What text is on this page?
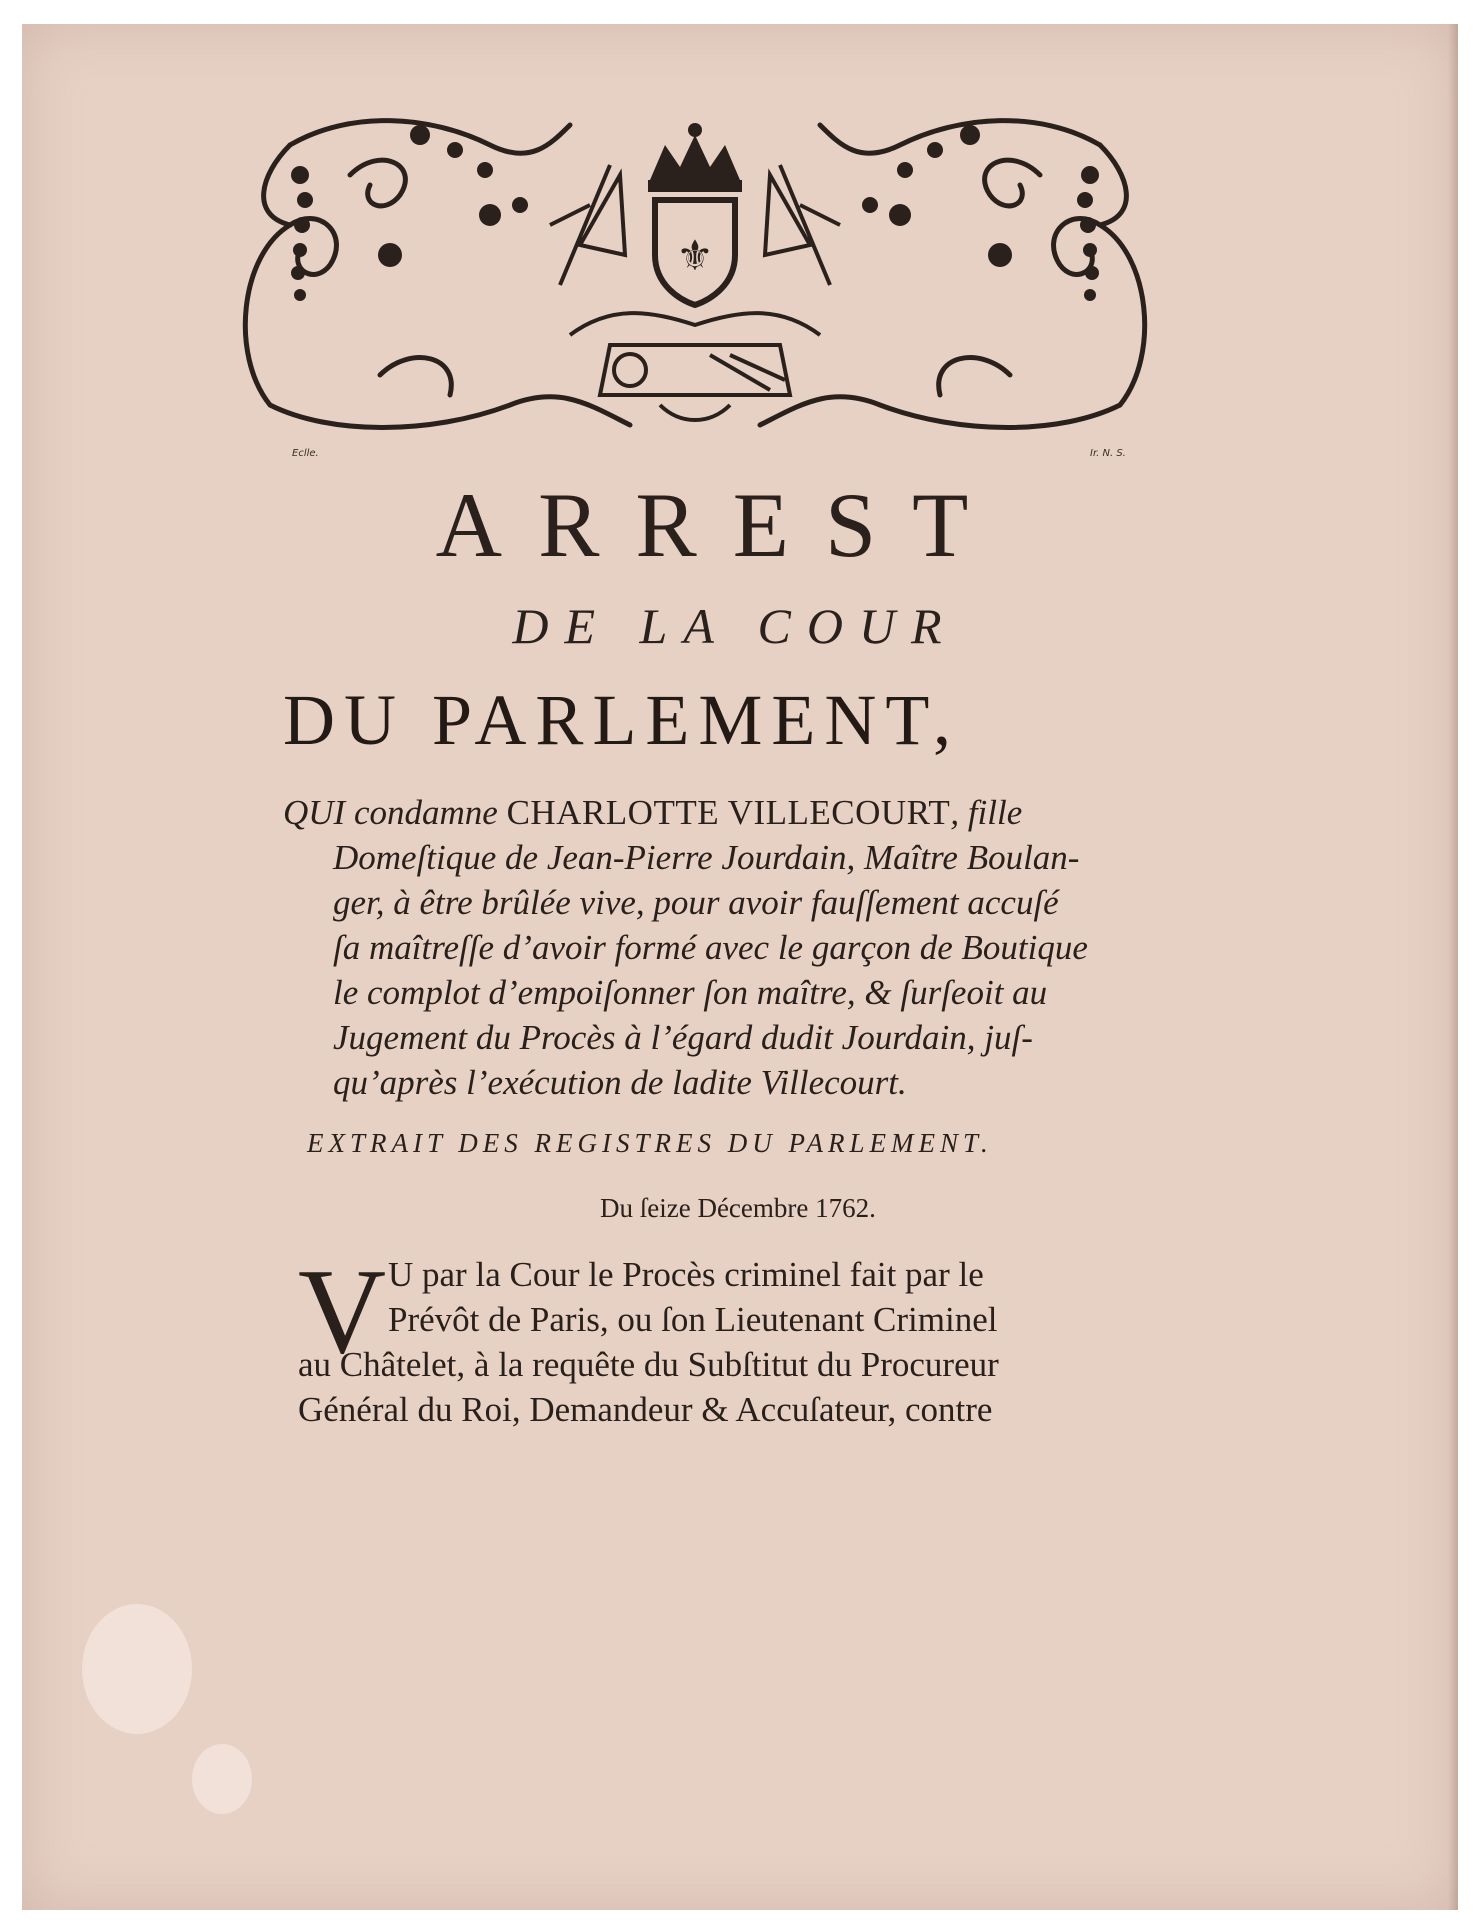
⚜
Eclle.	Ir. N. S.
ARREST
DE LA COUR
DU PARLEMENT,
QUI condamne CHARLOTTE VILLECOURT, fille
Domeſtique de Jean-Pierre Jourdain, Maître Boulan-
ger, à être brûlée vive, pour avoir fauſſement accuſé
ſa maîtreſſe d’avoir formé avec le garçon de Boutique
le complot d’empoiſonner ſon maître, & ſurſeoit au
Jugement du Procès à l’égard dudit Jourdain, juſ-
qu’après l’exécution de ladite Villecourt.
EXTRAIT DES REGISTRES DU PARLEMENT.
Du ſeize Décembre 1762.
V U par la Cour le Procès criminel fait par le
Prévôt de Paris, ou ſon Lieutenant Criminel
au Châtelet, à la requête du Subſtitut du Procureur
Général du Roi, Demandeur & Accuſateur, contre
